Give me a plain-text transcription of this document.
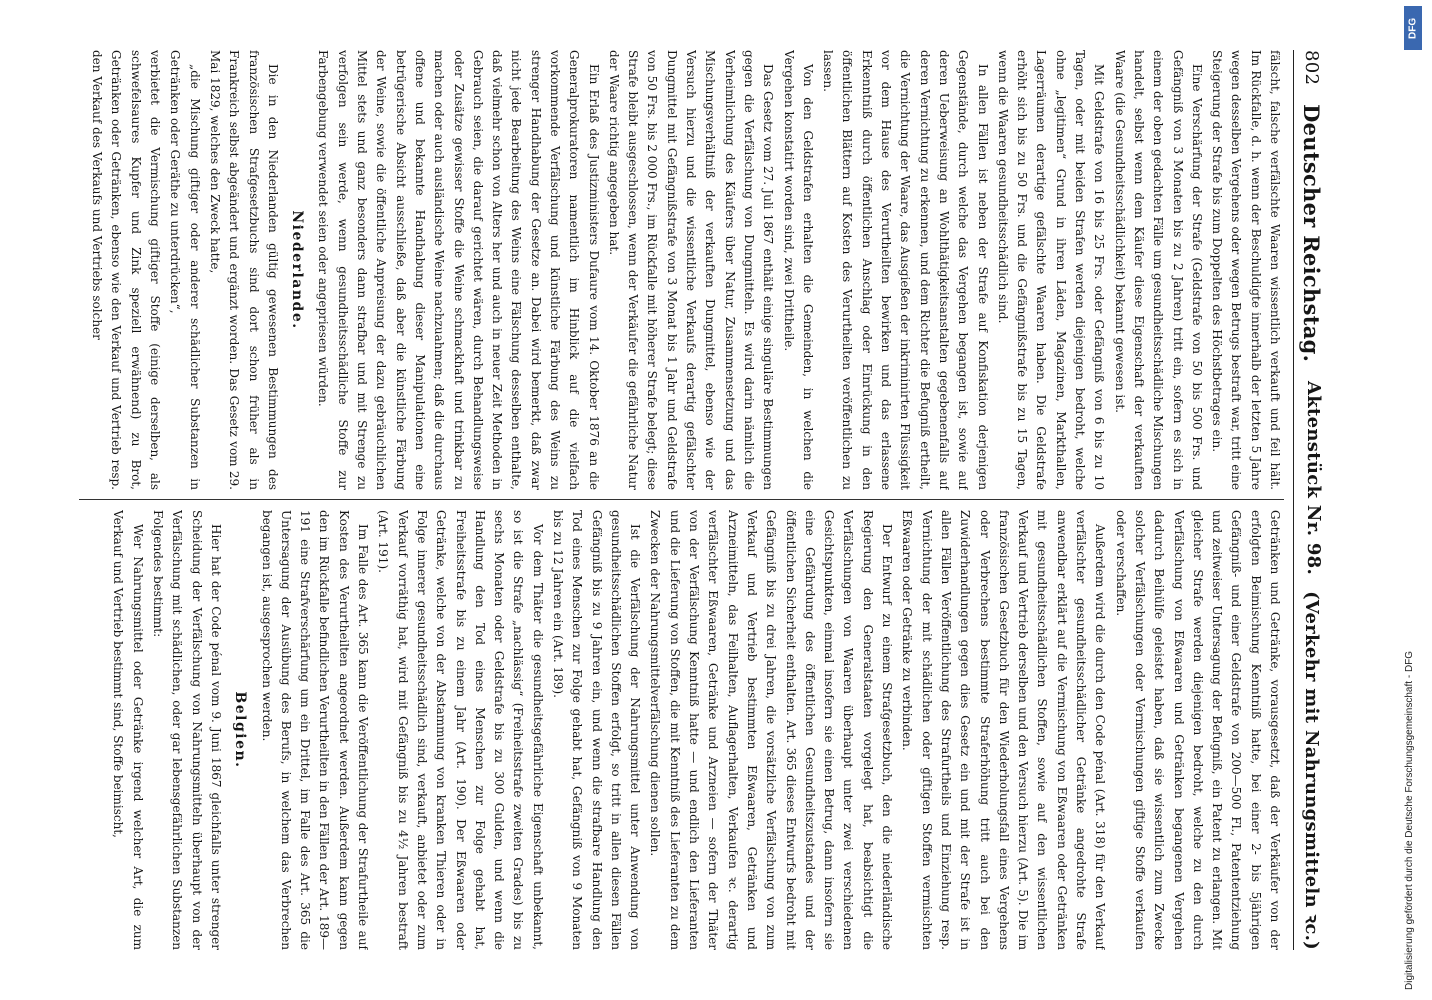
802
Deutscher Reichstag.
Aktenstück Nr. 98.
(Verkehr mit Nahrungsmitteln ꝛc.)

fälscht, falsche verfälschte Waaren wissentlich verkauft und feil hält. Im Rückfalle, d. h. wenn der Beschuldigte innerhalb der letzten 5 Jahre wegen desselben Vergehens oder wegen Betrugs bestraft war, tritt eine Steigerung der Strafe bis zum Doppelten des Höchstbetrages ein.

Eine Verschärfung der Strafe (Geldstrafe von 50 bis 500 Frs. und Gefängniß von 3 Monaten bis zu 2 Jahren) tritt ein, sofern es sich in einem der oben gedachten Fälle um gesundheitsschädliche Mischungen handelt, selbst wenn dem Käufer diese Eigenschaft der verkauften Waare (die Gesundheitsschädlichkeit) bekannt gewesen ist.

Mit Geldstrafe von 16 bis 25 Frs. oder Gefängniß von 6 bis zu 10 Tagen, oder mit beiden Strafen werden diejenigen bedroht, welche ohne „legitimen“ Grund in ihren Läden, Magazinen, Markthallen, Lagerräumen derartige gefälschte Waaren haben. Die Geldstrafe erhöht sich bis zu 50 Frs. und die Gefängnißstrafe bis zu 15 Tagen, wenn die Waaren gesundheitsschädlich sind.

In allen Fällen ist neben der Strafe auf Konfiskation derjenigen Gegenstände, durch welche das Vergehen begangen ist, sowie auf deren Ueberweisung an Wohlthätigkeitsanstalten gegebenenfalls auf deren Vernichtung zu erkennen, und dem Richter die Befugniß ertheilt, die Vernichtung der Waare, das Ausgießen der inkriminirten Flüssigkeit vor dem Hause des Verurtheilten bewirken und das erlassene Erkenntniß durch öffentlichen Anschlag oder Einrückung in den öffentlichen Blättern auf Kosten des Verurtheilten veröffentlichen zu lassen.

Von den Geldstrafen erhalten die Gemeinden, in welchen die Vergehen konstatirt worden sind, zwei Drittheile.

Das Gesetz vom 27. Juli 1867 enthält einige singuläre Bestimmungen gegen die Verfälschung von Dungmitteln. Es wird darin nämlich die Verheimlichung des Käufers über Natur, Zusammensetzung und das Mischungsverhältniß der verkauften Dungmittel, ebenso wie der Versuch hierzu und die wissentliche Verkaufs derartig gefälschter Dungmittel mit Gefängnißstrafe von 3 Monat bis 1 Jahr und Geldstrafe von 50 Frs. bis 2 000 Frs., im Rückfalle mit höherer Strafe belegt; diese Strafe bleibt ausgeschlossen, wenn der Verkäufer die gefährliche Natur der Waare richtig angegeben hat.

Ein Erlaß des Justizministers Dufaure vom 14. Oktober 1876 an die Generalprokuratoren namentlich im Hinblick auf die vielfach vorkommende Verfälschung und künstliche Färbung des Weins zu strenger Handhabung der Gesetze an. Dabei wird bemerkt, daß zwar nicht jede Bearbeitung des Weins eine Fälschung desselben enthalte, daß vielmehr schon von Alters her und auch in neuer Zeit Methoden in Gebrauch seien, die darauf gerichtet wären, durch Behandlungsweise oder Zusätze gewisser Stoffe die Weine schmackhaft und trinkbar zu machen oder auch ausländische Weine nachzuahmen; daß die durchaus offene und bekannte Handhabung dieser Manipulationen eine betrügerische Absicht ausschließe, daß aber die künstliche Färbung der Weine, sowie die öffentliche Anpreisung der dazu gebräuchlichen Mittel stets und ganz besonders dann strafbar und mit Strenge zu verfolgen sein werde, wenn gesundheitsschädliche Stoffe zur Farbengebung verwendet seien oder angepriesen würden.

Niederlande.

Die in den Niederlanden gültig gewesenen Bestimmungen des französischen Strafgesetzbuchs sind dort schon früher als in Frankreich selbst abgeändert und ergänzt worden. Das Gesetz vom 29. Mai 1829, welches den Zweck hatte,

„die Mischung giftiger oder anderer schädlicher Substanzen in Getränken oder Geräthe zu unterdrücken“,

verbietet die Vermischung giftiger Stoffe (einige derselben, als schwefelsaures Kupfer und Zink speziell erwähnend) zu Brot, Getränken oder Getränken, ebenso wie den Verkauf und Vertrieb resp. den Verkauf des Verkaufs und Vertriebs solcher

Getränken und Getränke, vorausgesetzt, daß der Verkäufer von der erfolgten Beimischung Kenntniß hatte, bei einer 2- bis 5jährigen Gefängniß- und einer Geldstrafe von 200—500 Fl., Patententziehung und zeitweiser Untersagung der Befugniß, ein Patent zu erlangen. Mit gleicher Strafe werden diejenigen bedroht, welche zu den durch Verfälschung von Eßwaaren und Getränken begangenen Vergehen dadurch Beihülfe geleistet haben, daß sie wissentlich zum Zwecke solcher Verfälschungen oder Vermischungen giftige Stoffe verkaufen oder verschaffen.

Außerdem wird die durch den Code pénal (Art. 318) für den Verkauf verfälschter gesundheitsschädlicher Getränke angedrohte Strafe anwendbar erklärt auf die Vermischung von Eßwaaren oder Getränken mit gesundheitsschädlichen Stoffen, sowie auf den wissentlichen Verkauf und Vertrieb derselben und den Versuch hierzu (Art. 5). Die im französischen Gesetzbuch für den Wiederholungsfall eines Vergehens oder Verbrechens bestimmte Straferhöhung tritt auch bei den Zuwiderhandlungen gegen dies Gesetz ein und mit der Strafe ist in allen Fällen Veröffentlichung des Strafurtheils und Einziehung resp. Vernichtung der mit schädlichen oder giftigen Stoffen vermischten Eßwaaren oder Getränke zu verbinden.

Der Entwurf zu einem Strafgesetzbuch, den die niederländische Regierung den Generalstaaten vorgelegt hat, beabsichtigt die Verfälschungen von Waaren überhaupt unter zwei verschiedenen Gesichtspunkten, einmal insofern sie einen Betrug, dann insofern sie eine Gefährdung des öffentlichen Gesundheitszustandes und der öffentlichen Sicherheit enthalten. Art. 365 dieses Entwurfs bedroht mit Gefängniß bis zu drei Jahren, die vorsätzliche Verfälschung von zum Verkauf und Vertrieb bestimmten Eßwaaren, Getränken und Arzneimitteln, das Feilhalten, Auflagerhalten, Verkaufen ꝛc. derartig verfälschter Eßwaaren, Getränke und Arzneien — sofern der Thäter von der Verfälschung Kenntniß hatte — und endlich den Lieferanten und die Lieferung von Stoffen, die mit Kenntniß des Lieferanten zu dem Zwecken der Nahrungsmittelverfälschung dienen sollen.

Ist die Verfälschung der Nahrungsmittel unter Anwendung von gesundheitsschädlichen Stoffen erfolgt, so tritt in allen diesen Fällen Gefängniß bis zu 9 Jahren ein, und wenn die strafbare Handlung den Tod eines Menschen zur Folge gehabt hat, Gefängniß von 9 Monaten bis zu 12 Jahren ein (Art. 189).

Vor dem Thäter die gesundheitsgefährliche Eigenschaft unbekannt, so ist die Strafe „nachlässig“ (Freiheitsstrafe zweiten Grades) bis zu sechs Monaten oder Geldstrafe bis zu 300 Gulden, und wenn die Handlung den Tod eines Menschen zur Folge gehabt hat, Freiheitsstrafe bis zu einem Jahr (Art. 190). Der Eßwaaren oder Getränke, welche von der Abstammung von kranken Thieren oder in Folge innerer gesundheitsschädlich sind, verkauft, anbietet oder zum Verkauf vorräthig hat, wird mit Gefängniß bis zu 4½ Jahren bestraft (Art. 191).

Im Falle des Art. 365 kann die Veröffentlichung der Strafurtheile auf Kosten des Verurtheilten angeordnet werden. Außerdem kann gegen den im Rückfalle befindlichen Verurtheilten in den Fällen der Art. 189—191 eine Strafverschärfung um ein Drittel, im Falle des Art. 365 die Untersagung der Ausübung des Berufs, in welchem das Verbrechen begangen ist, ausgesprochen werden.

Belgien.

Hier hat der Code pénal vom 9. Juni 1867 gleichfalls unter strenger Scheidung der Verfälschung von Nahrungsmitteln überhaupt von der Verfälschung mit schädlichen, oder gar lebensgefährlichen Substanzen Folgendes bestimmt:

Wer Nahrungsmittel oder Getränke irgend welcher Art, die zum Verkauf und Vertrieb bestimmt sind, Stoffe beimischt,

DFG
Digitalisierung gefördert durch die Deutsche Forschungsgemeinschaft - DFG
